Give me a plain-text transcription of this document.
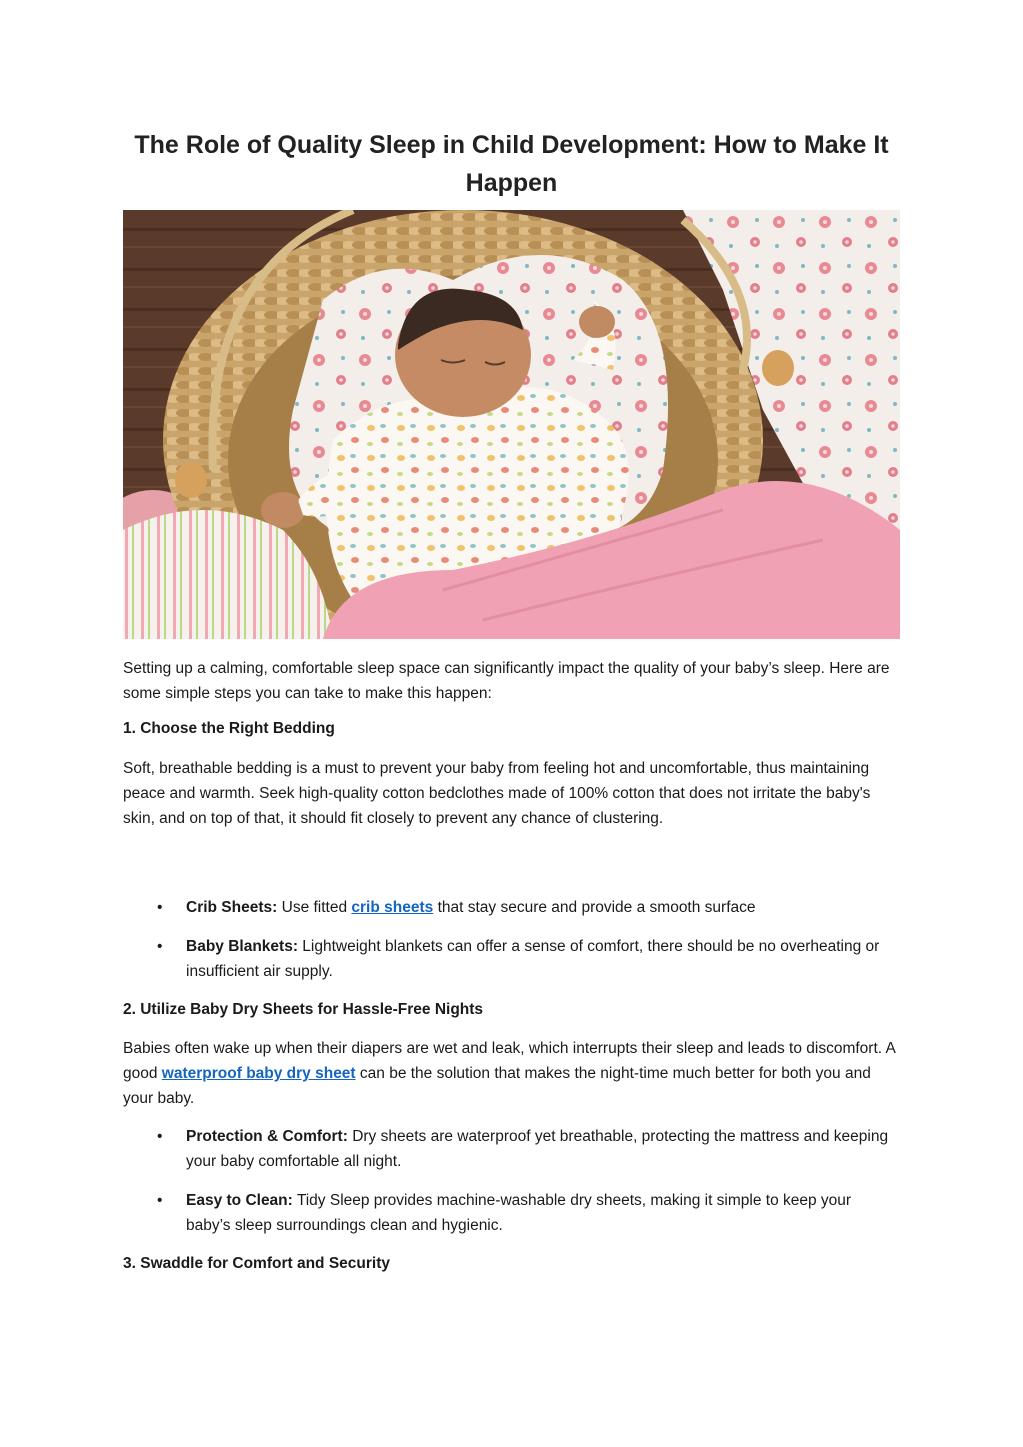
The Role of Quality Sleep in Child Development: How to Make It Happen
Setting up a calming, comfortable sleep space can significantly impact the quality of your baby’s sleep. Here are some simple steps you can take to make this happen:
1. Choose the Right Bedding
Soft, breathable bedding is a must to prevent your baby from feeling hot and uncomfortable, thus maintaining peace and warmth. Seek high-quality cotton bedclothes made of 100% cotton that does not irritate the baby's skin, and on top of that, it should fit closely to prevent any chance of clustering.
• Crib Sheets: Use fitted crib sheets that stay secure and provide a smooth surface
• Baby Blankets: Lightweight blankets can offer a sense of comfort, there should be no overheating or insufficient air supply.
2. Utilize Baby Dry Sheets for Hassle-Free Nights
Babies often wake up when their diapers are wet and leak, which interrupts their sleep and leads to discomfort. A good waterproof baby dry sheet can be the solution that makes the night-time much better for both you and your baby.
• Protection & Comfort: Dry sheets are waterproof yet breathable, protecting the mattress and keeping your baby comfortable all night.
• Easy to Clean: Tidy Sleep provides machine-washable dry sheets, making it simple to keep your baby’s sleep surroundings clean and hygienic.
3. Swaddle for Comfort and Security
